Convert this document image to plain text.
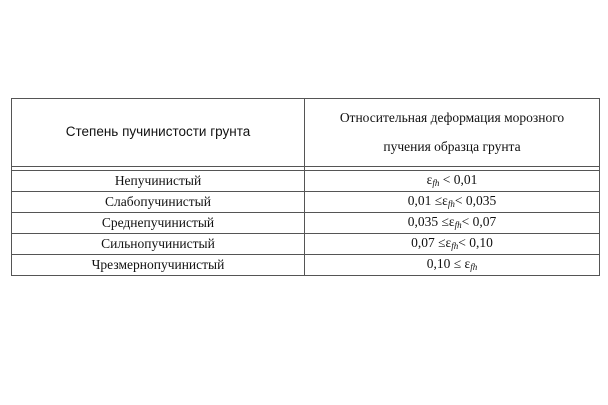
Степень пучинистости грунта	Относительная деформация морозного
пучения образца грунта

Непучинистый	$\varepsilon_{fh} < 0,01$
Слабопучинистый	$0,01 \le\varepsilon_{fh}< 0,035$
Среднепучинистый	$0,035 \le\varepsilon_{fh}< 0,07$
Сильнопучинистый	$0,07 \le\varepsilon_{fh}< 0,10$
Чрезмернопучинистый	$0,10 \le \varepsilon_{fh}$
